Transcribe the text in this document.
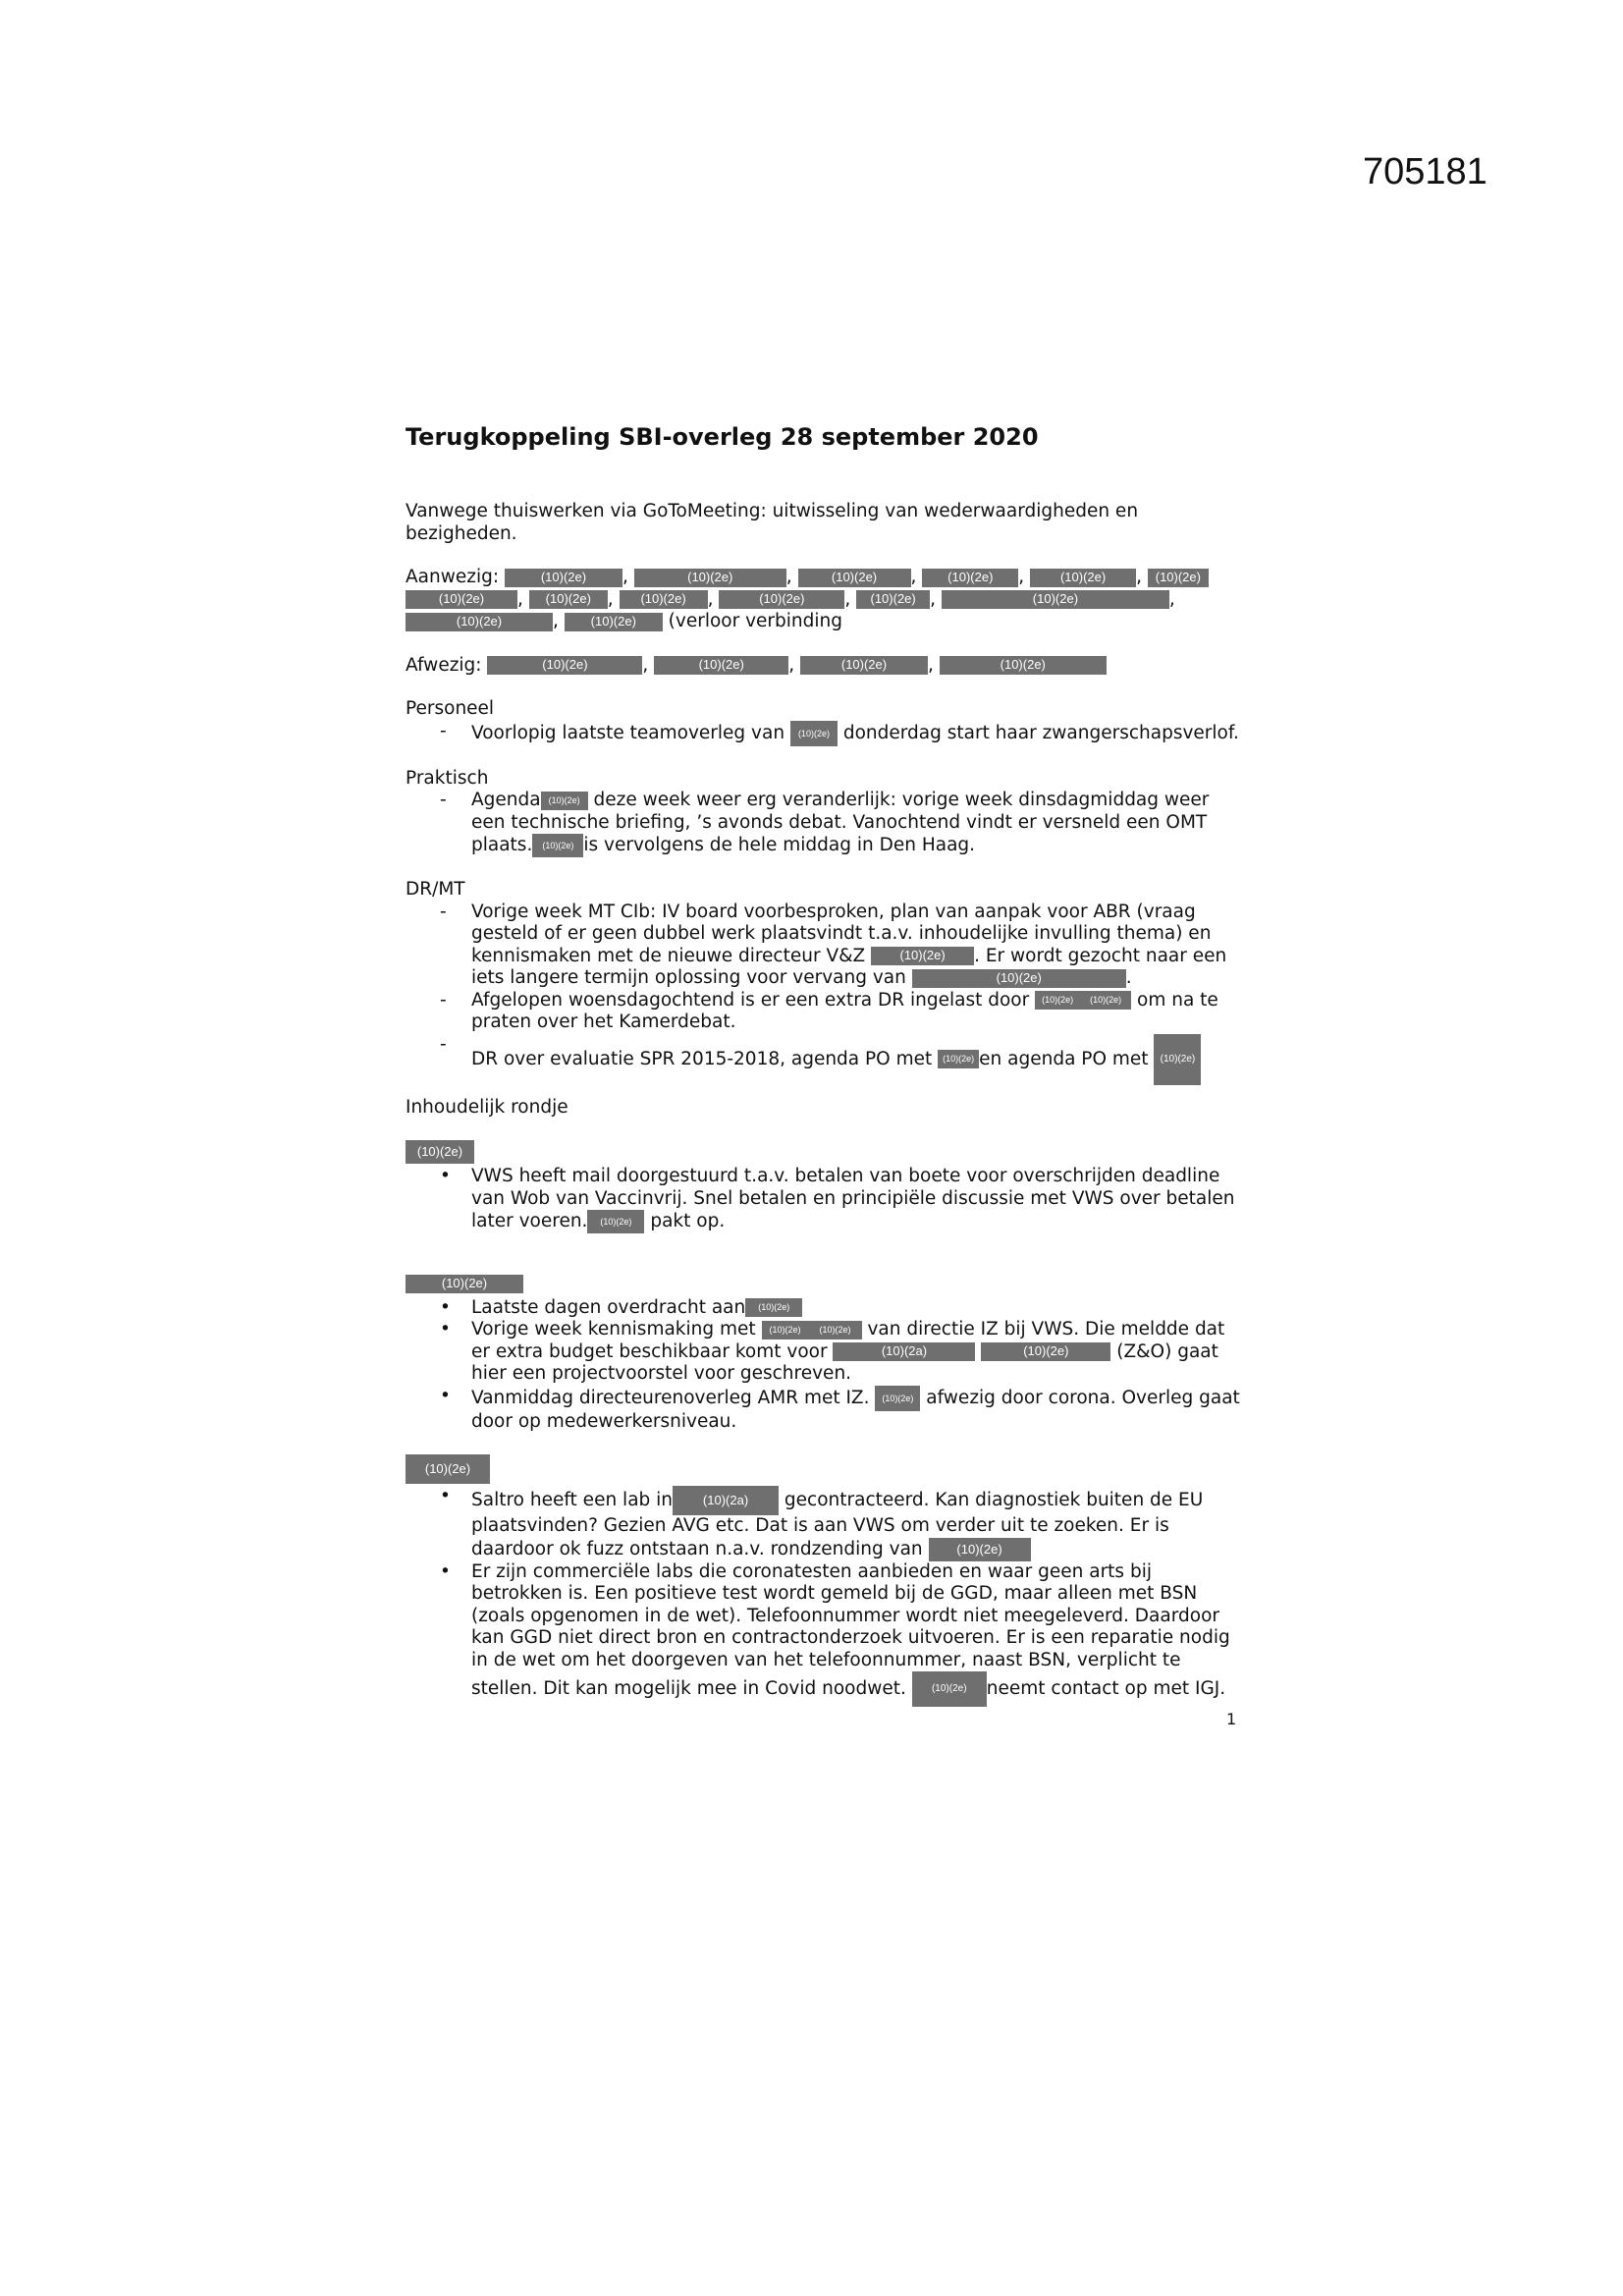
705181

Terugkoppeling SBI-overleg 28 september 2020

Vanwege thuiswerken via GoToMeeting: uitwisseling van wederwaardigheden en bezigheden.

Aanwezig:	(10)(2e) ,	(10)(2e)	,	(10)(2e) , (10)(2e) ,	(10)(2e) , (10)(2e)
(10)(2e) , (10)(2e) , (10)(2e) ,	(10)(2e) , (10)(2e) ,	(10)(2e)	,
(10)(2e)	,	(10)(2e) (verloor verbinding

Afwezig:	(10)(2e)	,	(10)(2e) ,	(10)(2e) ,	(10)(2e)

Personeel

- Voorlopig laatste teamoverleg van (10)(2e) donderdag start haar zwangerschapsverlof.

Praktisch

- Agenda (10)(2e) deze week weer erg veranderlijk: vorige week dinsdagmiddag weer een technische briefing, ’s avonds debat. Vanochtend vindt er versneld een OMT plaats. (10)(2e) is vervolgens de hele middag in Den Haag.

DR/MT

- Vorige week MT CIb: IV board voorbesproken, plan van aanpak voor ABR (vraag gesteld of er geen dubbel werk plaatsvindt t.a.v. inhoudelijke invulling thema) en kennismaken met de nieuwe directeur V&Z	(10)(2e) . Er wordt gezocht naar een iets langere termijn oplossing voor vervang van	(10)(2e)	.
- Afgelopen woensdagochtend is er een extra DR ingelast door (10)(2e) (10)(2e) om na te praten over het Kamerdebat.
- DR over evaluatie SPR 2015-2018, agenda PO met (10)(2e) en agenda PO met (10)(2e)

Inhoudelijk rondje

(10)(2e)
• VWS heeft mail doorgestuurd t.a.v. betalen van boete voor overschrijden deadline van Wob van Vaccinvrij. Snel betalen en principiële discussie met VWS over betalen later voeren. (10)(2e) pakt op.
(10)(2e)
• Laatste dagen overdracht aan (10)(2e)
• Vorige week kennismaking met (10)(2e) (10)(2e) van directie IZ bij VWS. Die meldde dat er extra budget beschikbaar komt voor	(10)(2a)	(10)(2e)	(Z&O) gaat hier een projectvoorstel voor geschreven.
• Vanmiddag directeurenoverleg AMR met IZ. (10)(2e) afwezig door corona. Overleg gaat door op medewerkersniveau.
(10)(2e)
• Saltro heeft een lab in (10)(2a) gecontracteerd. Kan diagnostiek buiten de EU plaatsvinden? Gezien AVG etc. Dat is aan VWS om verder uit te zoeken. Er is daardoor ok fuzz ontstaan n.a.v. rondzending van	(10)(2e)
• Er zijn commerciële labs die coronatesten aanbieden en waar geen arts bij betrokken is. Een positieve test wordt gemeld bij de GGD, maar alleen met BSN (zoals opgenomen in de wet). Telefoonnummer wordt niet meegeleverd. Daardoor kan GGD niet direct bron en contractonderzoek uitvoeren. Er is een reparatie nodig in de wet om het doorgeven van het telefoonnummer, naast BSN, verplicht te stellen. Dit kan mogelijk mee in Covid noodwet.	(10)(2e) neemt contact op met IGJ.
1
